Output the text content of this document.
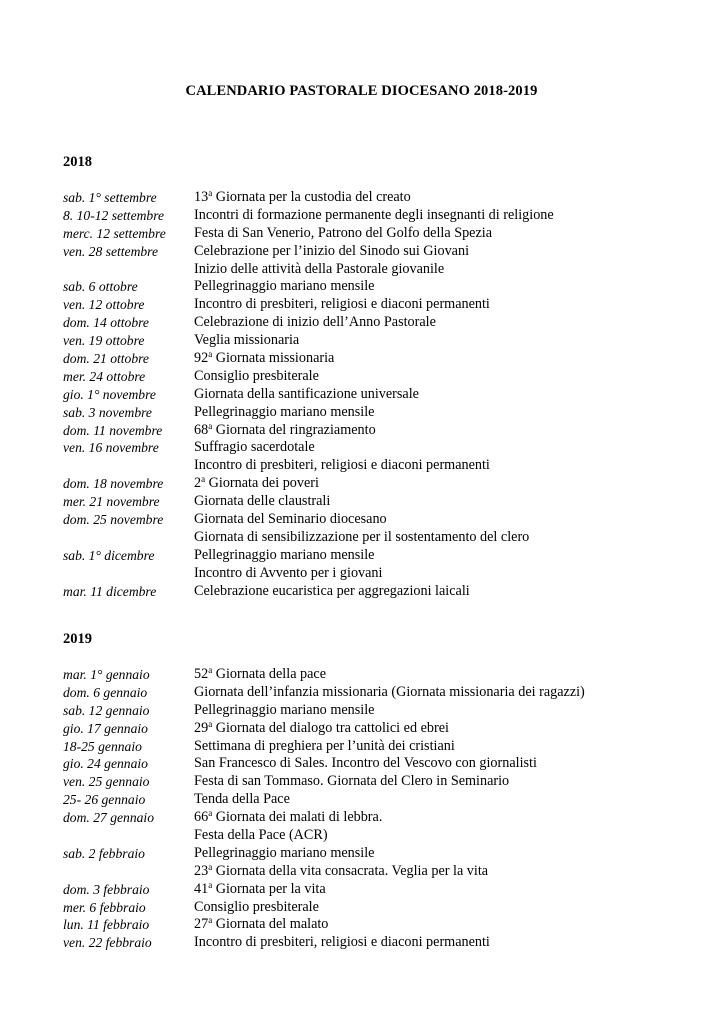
CALENDARIO PASTORALE DIOCESANO 2018-2019
2018
sab. 1° settembre	13$^a$ Giornata per la custodia del creato
8. 10-12 settembre Incontri di formazione permanente degli insegnanti di religione
merc. 12 settembre Festa di San Venerio, Patrono del Golfo della Spezia
ven. 28 settembre	Celebrazione per l’inizio del Sinodo sui Giovani
Inizio delle attività della Pastorale giovanile
sab. 6 ottobre	Pellegrinaggio mariano mensile
ven. 12 ottobre	Incontro di presbiteri, religiosi e diaconi permanenti
dom. 14 ottobre	Celebrazione di inizio dell’Anno Pastorale
ven. 19 ottobre	Veglia missionaria
dom. 21 ottobre	92$^a$ Giornata missionaria
mer. 24 ottobre	Consiglio presbiterale
gio. 1° novembre	Giornata della santificazione universale
sab. 3 novembre	Pellegrinaggio mariano mensile
dom. 11 novembre 68$^a$ Giornata del ringraziamento
ven. 16 novembre Suffragio sacerdotale
Incontro di presbiteri, religiosi e diaconi permanenti
dom. 18 novembre 2$^a$ Giornata dei poveri
mer. 21 novembre Giornata delle claustrali
dom. 25 novembre Giornata del Seminario diocesano
Giornata di sensibilizzazione per il sostentamento del clero
sab. 1° dicembre	Pellegrinaggio mariano mensile
Incontro di Avvento per i giovani
mar. 11 dicembre	Celebrazione eucaristica per aggregazioni laicali
2019
mar. 1° gennaio	52$^a$ Giornata della pace
dom. 6 gennaio	Giornata dell’infanzia missionaria (Giornata missionaria dei ragazzi)
sab. 12 gennaio	Pellegrinaggio mariano mensile
gio. 17 gennaio	29$^a$ Giornata del dialogo tra cattolici ed ebrei
18-25 gennaio	Settimana di preghiera per l’unità dei cristiani
gio. 24 gennaio	San Francesco di Sales. Incontro del Vescovo con giornalisti
ven. 25 gennaio	Festa di san Tommaso. Giornata del Clero in Seminario
25- 26 gennaio	Tenda della Pace
dom. 27 gennaio	66$^a$ Giornata dei malati di lebbra.
Festa della Pace (ACR)
sab. 2 febbraio	Pellegrinaggio mariano mensile
23$^a$ Giornata della vita consacrata. Veglia per la vita
dom. 3 febbraio	41$^a$ Giornata per la vita
mer. 6 febbraio	Consiglio presbiterale
lun. 11 febbraio	27$^a$ Giornata del malato
ven. 22 febbraio	Incontro di presbiteri, religiosi e diaconi permanenti
